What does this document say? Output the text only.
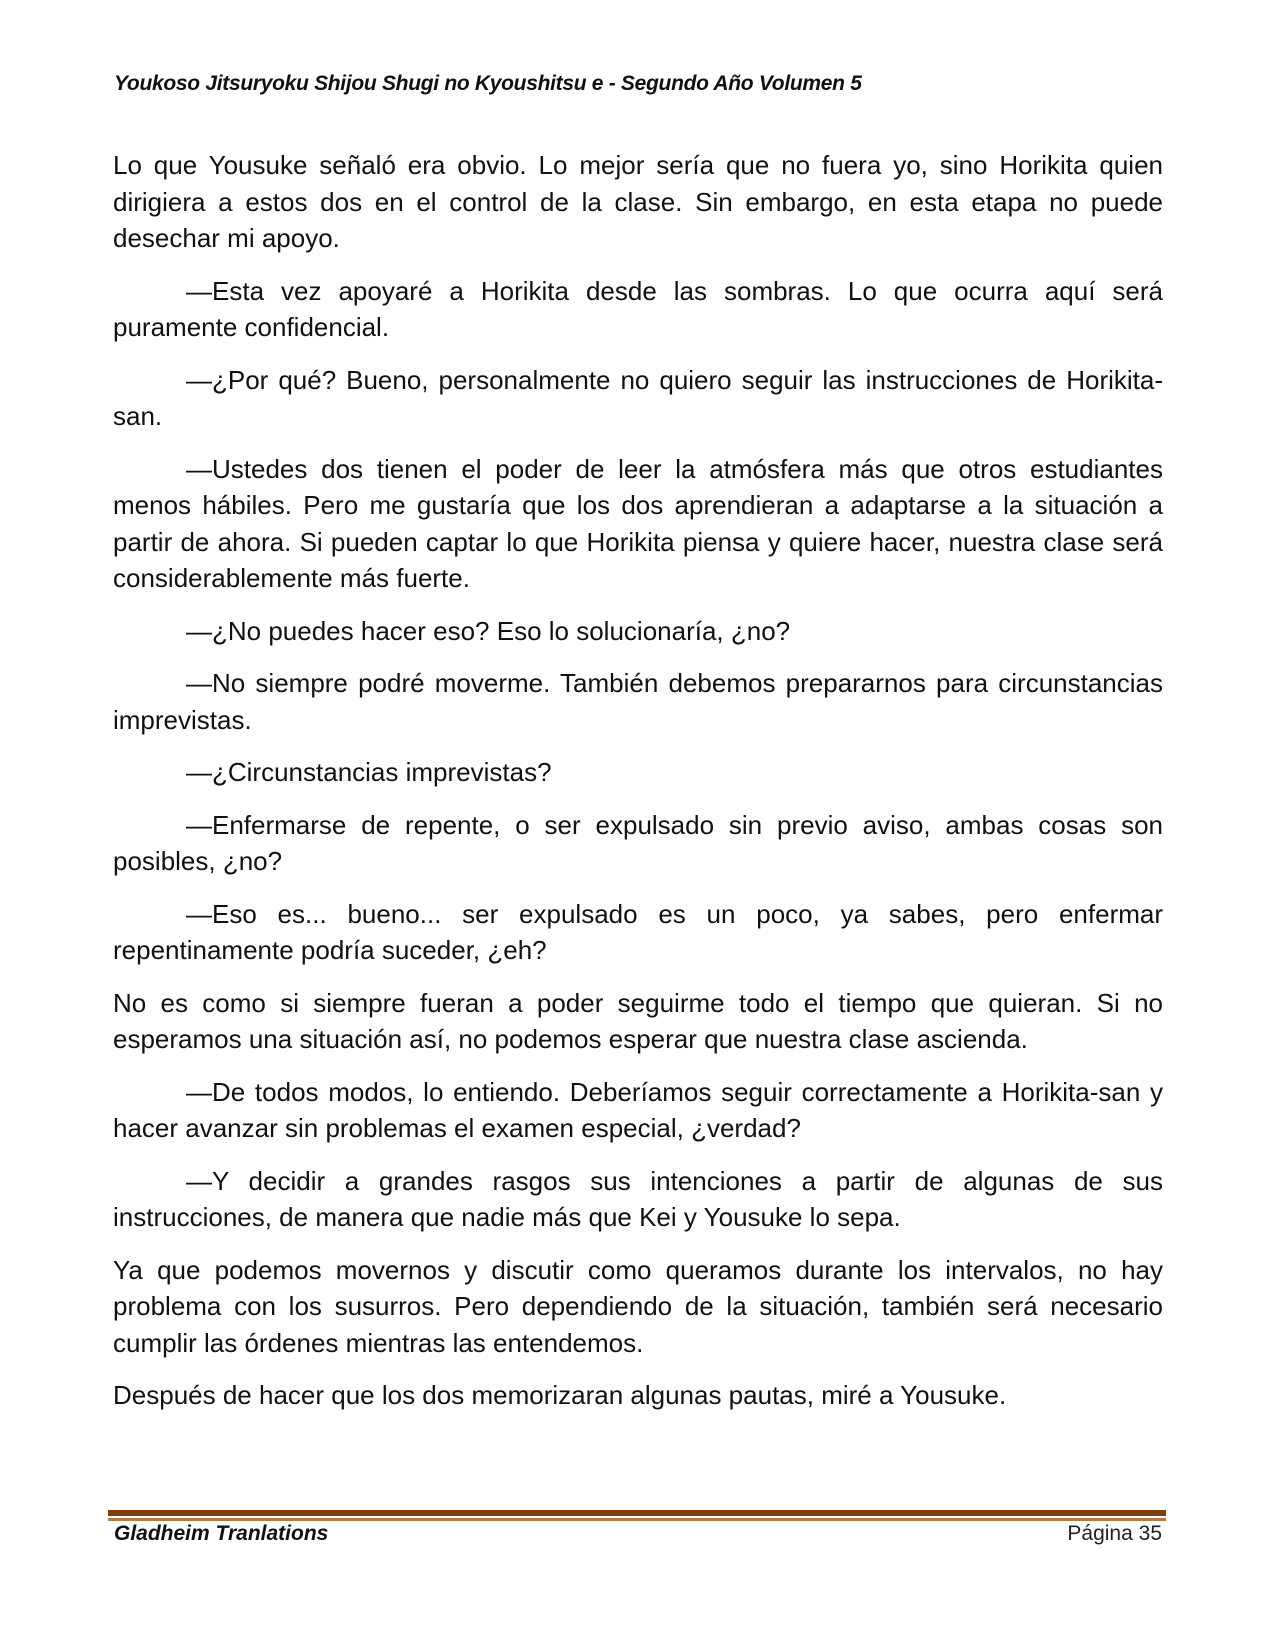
Youkoso Jitsuryoku Shijou Shugi no Kyoushitsu e - Segundo Año Volumen 5

Lo que Yousuke señaló era obvio. Lo mejor sería que no fuera yo, sino Horikita quien dirigiera a estos dos en el control de la clase. Sin embargo, en esta etapa no puede desechar mi apoyo.

—Esta vez apoyaré a Horikita desde las sombras. Lo que ocurra aquí será puramente confidencial.

—¿Por qué? Bueno, personalmente no quiero seguir las instrucciones de Horikita-san.

—Ustedes dos tienen el poder de leer la atmósfera más que otros estudiantes menos hábiles. Pero me gustaría que los dos aprendieran a adaptarse a la situación a partir de ahora. Si pueden captar lo que Horikita piensa y quiere hacer, nuestra clase será considerablemente más fuerte.

—¿No puedes hacer eso? Eso lo solucionaría, ¿no?

—No siempre podré moverme. También debemos prepararnos para circunstancias imprevistas.

—¿Circunstancias imprevistas?

—Enfermarse de repente, o ser expulsado sin previo aviso, ambas cosas son posibles, ¿no?

—Eso es... bueno... ser expulsado es un poco, ya sabes, pero enfermar repentinamente podría suceder, ¿eh?

No es como si siempre fueran a poder seguirme todo el tiempo que quieran. Si no esperamos una situación así, no podemos esperar que nuestra clase ascienda.

—De todos modos, lo entiendo. Deberíamos seguir correctamente a Horikita-san y hacer avanzar sin problemas el examen especial, ¿verdad?

—Y decidir a grandes rasgos sus intenciones a partir de algunas de sus instrucciones, de manera que nadie más que Kei y Yousuke lo sepa.

Ya que podemos movernos y discutir como queramos durante los intervalos, no hay problema con los susurros. Pero dependiendo de la situación, también será necesario cumplir las órdenes mientras las entendemos.

Después de hacer que los dos memorizaran algunas pautas, miré a Yousuke.

Gladheim Tranlations	Página 35
